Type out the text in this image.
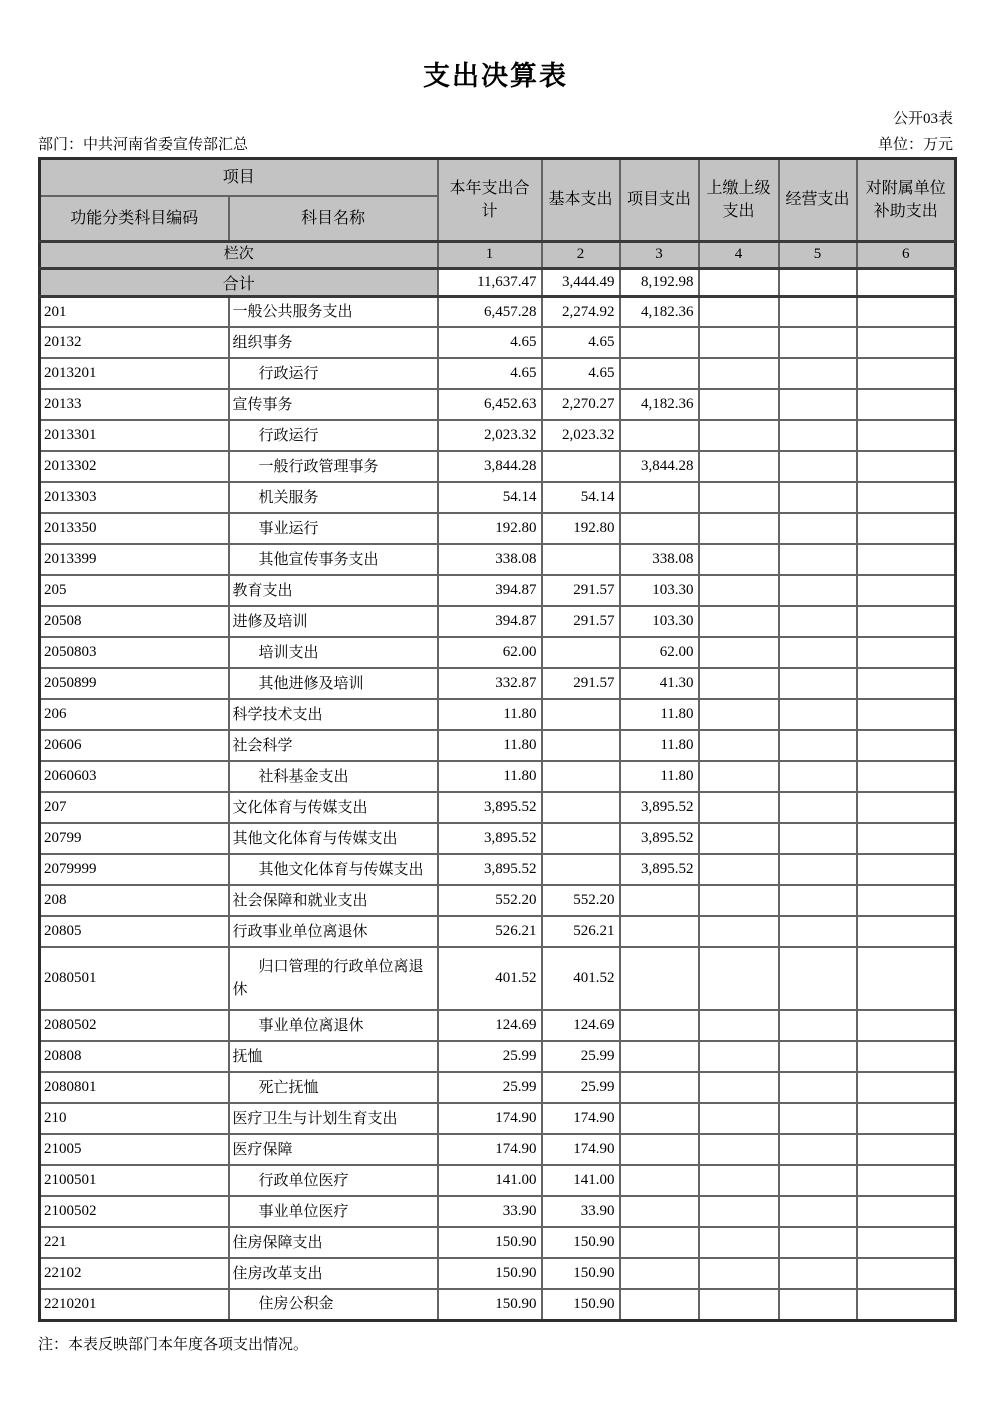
支出决算表
公开03表
部门：中共河南省委宣传部汇总	单位：万元
项目		本年支出合计	基本支出	项目支出	上缴上级支出	经营支出	对附属单位补助支出
功能分类科目编码	科目名称						
栏次		1	2	3	4	5	6
合计		11,637.47	3,444.49	8,192.98			
201	一般公共服务支出	6,457.28	2,274.92	4,182.36			
20132	组织事务	4.65	4.65				
2013201	行政运行	4.65	4.65				
20133	宣传事务	6,452.63	2,270.27	4,182.36			
2013301	行政运行	2,023.32	2,023.32				
2013302	一般行政管理事务	3,844.28		3,844.28			
2013303	机关服务	54.14	54.14				
2013350	事业运行	192.80	192.80				
2013399	其他宣传事务支出	338.08		338.08			
205	教育支出	394.87	291.57	103.30			
20508	进修及培训	394.87	291.57	103.30			
2050803	培训支出	62.00		62.00			
2050899	其他进修及培训	332.87	291.57	41.30			
206	科学技术支出	11.80		11.80			
20606	社会科学	11.80		11.80			
2060603	社科基金支出	11.80		11.80			
207	文化体育与传媒支出	3,895.52		3,895.52			
20799	其他文化体育与传媒支出	3,895.52		3,895.52			
2079999	其他文化体育与传媒支出	3,895.52		3,895.52			
208	社会保障和就业支出	552.20	552.20				
20805	行政事业单位离退休	526.21	526.21				
2080501	归口管理的行政单位离退休	401.52	401.52				
2080502	事业单位离退休	124.69	124.69				
20808	抚恤	25.99	25.99				
2080801	死亡抚恤	25.99	25.99				
210	医疗卫生与计划生育支出	174.90	174.90				
21005	医疗保障	174.90	174.90				
2100501	行政单位医疗	141.00	141.00				
2100502	事业单位医疗	33.90	33.90				
221	住房保障支出	150.90	150.90				
22102	住房改革支出	150.90	150.90				
2210201	住房公积金	150.90	150.90				
注：本表反映部门本年度各项支出情况。
